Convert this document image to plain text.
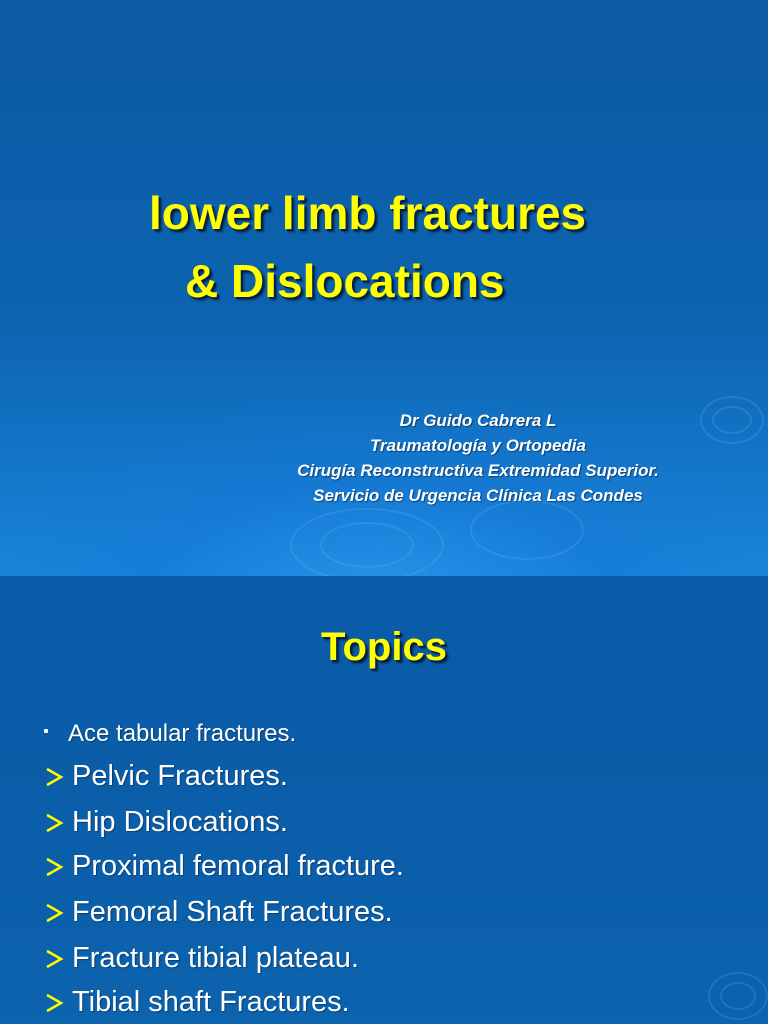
lower limb fractures
& Dislocations
Dr Guido Cabrera L
Traumatología y Ortopedia
Cirugía Reconstructiva Extremidad Superior.
Servicio de Urgencia Clínica Las Condes
Topics
Ace tabular fractures.
Pelvic Fractures.
Hip Dislocations.
Proximal femoral fracture.
Femoral Shaft Fractures.
Fracture tibial plateau.
Tibial shaft Fractures.
